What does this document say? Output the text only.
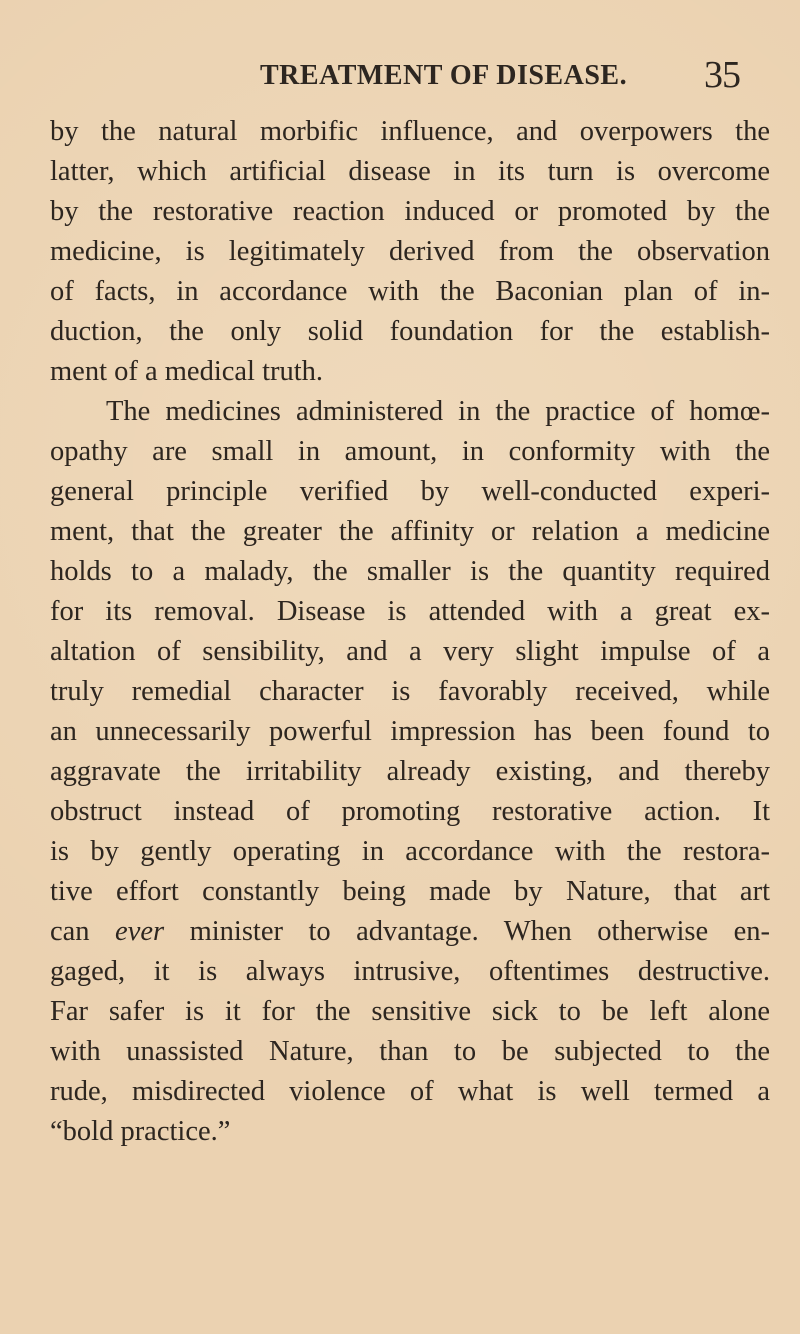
TREATMENT OF DISEASE. 35
by the natural morbific influence, and overpowers the
latter, which artificial disease in its turn is overcome
by the restorative reaction induced or promoted by the
medicine, is legitimately derived from the observation
of facts, in accordance with the Baconian plan of in-
duction, the only solid foundation for the establish-
ment of a medical truth.
The medicines administered in the practice of homœ-
opathy are small in amount, in conformity with the
general principle verified by well-conducted experi-
ment, that the greater the affinity or relation a medicine
holds to a malady, the smaller is the quantity required
for its removal. Disease is attended with a great ex-
altation of sensibility, and a very slight impulse of a
truly remedial character is favorably received, while
an unnecessarily powerful impression has been found to
aggravate the irritability already existing, and thereby
obstruct instead of promoting restorative action. It
is by gently operating in accordance with the restora-
tive effort constantly being made by Nature, that art
can ever minister to advantage. When otherwise en-
gaged, it is always intrusive, oftentimes destructive.
Far safer is it for the sensitive sick to be left alone
with unassisted Nature, than to be subjected to the
rude, misdirected violence of what is well termed a
“bold practice.”
